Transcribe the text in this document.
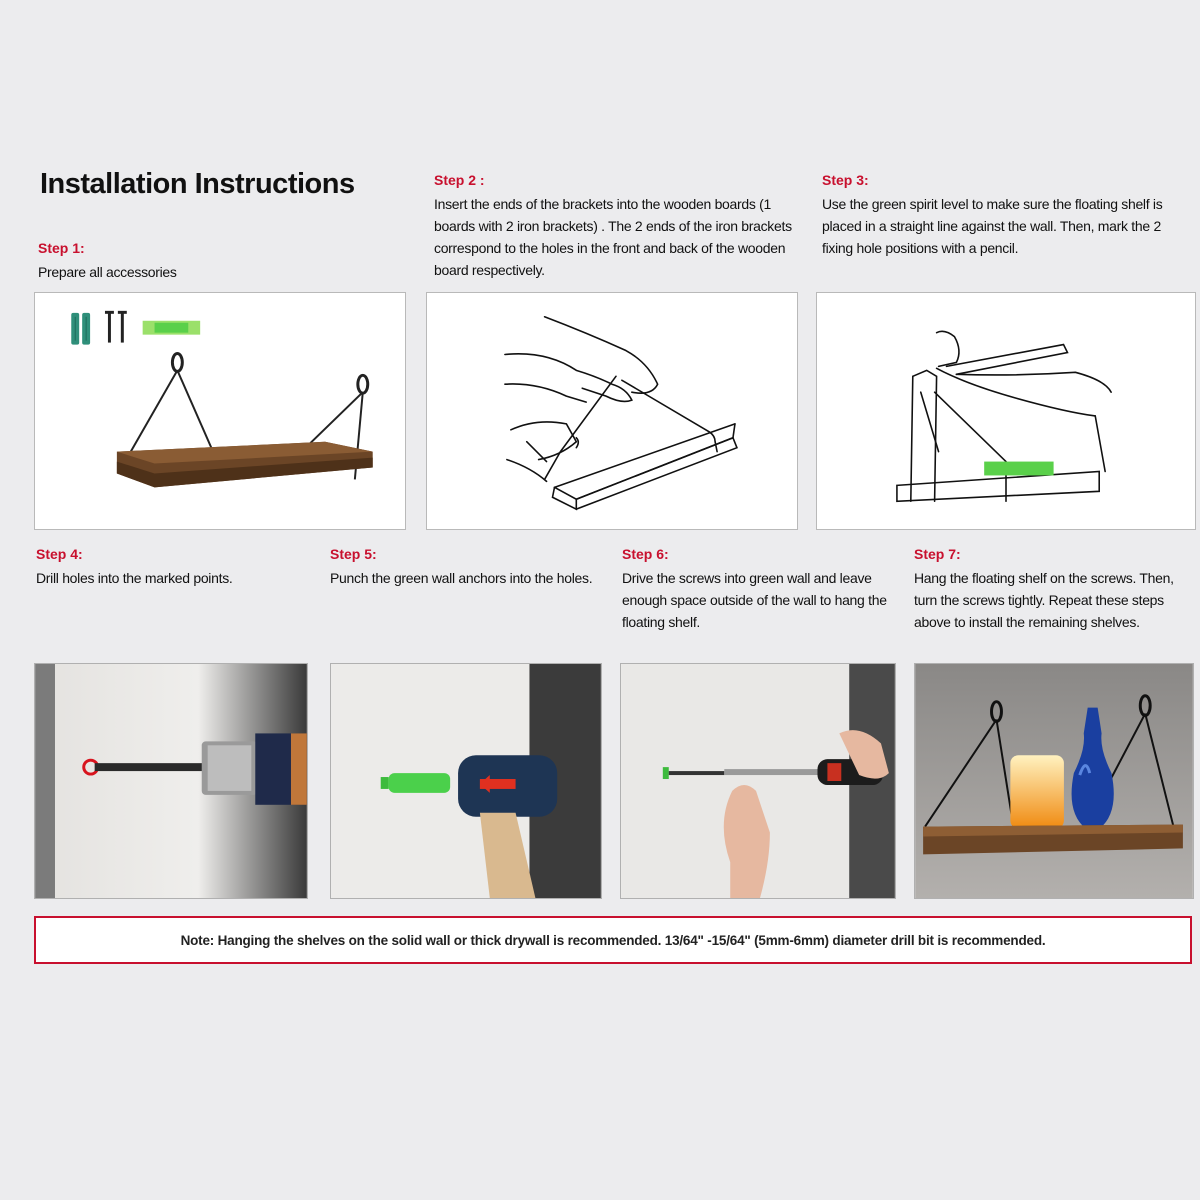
Installation Instructions
Step 1:
Prepare all accessories
Step 2 :
Insert the ends of the brackets into the wooden boards (1 boards with 2 iron brackets) . The 2 ends of the iron brackets correspond to the holes in the front and back of the wooden board respectively.
Step 3:
Use the green spirit level to make sure the floating shelf is placed in a straight line against the wall. Then, mark the 2 fixing hole positions with a pencil.
Step 4:
Drill holes into the marked points.
Step 5:
Punch the green wall anchors into the holes.
Step 6:
Drive the screws into green wall and leave enough space outside of the wall to hang the floating shelf.
Step 7:
Hang the floating shelf on the screws. Then, turn the screws tightly. Repeat these steps above to install the remaining shelves.
Note: Hanging the shelves on the solid wall or thick drywall is recommended. 13/64" -15/64" (5mm-6mm) diameter drill bit is recommended.
